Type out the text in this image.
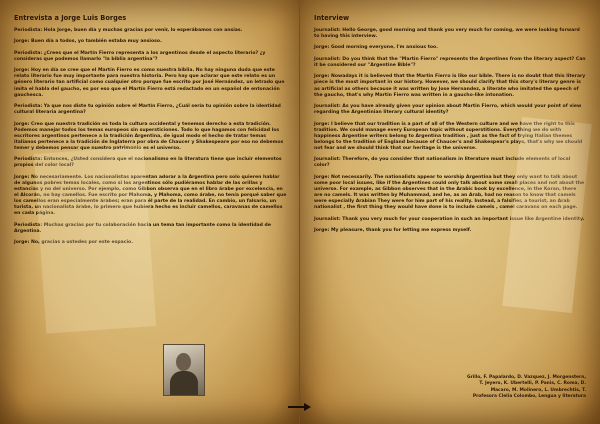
Entrevista a Jorge Luis Borges
Periodista: Hola Jorge, buen día y muchas gracias por venir, lo esperábamos con ansias.
Jorge: Buen día a todos, yo también estaba muy ansioso.
Periodista: ¿Crees que el Martín Fierro representa a los argentinos desde el aspecto literario? ¿y consideras que podemos llamarlo "la biblia argentina"?
Jorge: Hoy en día se cree que el Martín Fierro es como nuestra biblia. No hay ninguna duda que este relato literario fue muy importante para nuestra historia. Pero hay que aclarar que este relato es un género literario tan artificial como cualquier otro porque fue escrito por José Hernández, un letrado que imita el habla del gaucho, es por eso que el Martín Fierro está redactado en un español de entonación gauchesca.
Periodista: Ya que nos diste tu opinión sobre el Martín Fierro, ¿Cuál sería tu opinión sobre la identidad cultural literaria argentina?
Jorge: Creo que nuestra tradición es toda la cultura occidental y tenemos derecho a esta tradición. Podemos manejar todos los temas europeos sin supersticiones. Todo lo que hagamos con felicidad los escritores argentinos pertenece a la tradición Argentina, de igual modo el hecho de tratar temas italianos pertenece a la tradición de Inglaterra por obra de Chaucer y Shakespeare por eso no debemos temer y debemos pensar que nuestro patrimonio es el universo.
Periodista: Entonces, ¿Usted considera que el nacionalismo en la literatura tiene que incluir elementos propios del color local?
Jorge: No necesariamente. Los nacionalistas aparentan adorar a la Argentina pero solo quieren hablar de algunos pobres temas locales, como si los argentinos sólo pudiéramos hablar de las orillas y estancias y no del universo. Por ejemplo, como Gibbon observa que en el libro árabe por excelencia, en el Alcorán, no hay camellos. Fue escrito por Mahoma, y Mahoma, como árabe, no tenía porqué saber que los camellos eran especialmente árabes; eran para él parte de la realidad. En cambio, un falsario, un turista, un nacionalista árabe, lo primero que hubiera hecho es incluir camellos, caravanas de camellos en cada página.
Periodista: Muchas gracias por tu colaboración hacia un tema tan importante como la identidad de Argentina.
Jorge: No, gracias a ustedes por este espacio.
Interview
Journalist: Hello George, good morning and thank you very much for coming, we were looking forward to having this interview.
Jorge: Good morning everyone, I'm anxious too.
Journalist: Do you think that the "Martin Fierro" represents the Argentines from the literary aspect? Can it be considered our "Argentine Bible"?
Jorge: Nowadays it is believed that the Martin Fierro is like our bible. There is no doubt that this literary piece is the most important in our history. However, we should clarify that this story's literary genre is as artificial as others because it was written by Jose Hernandez, a literate who imitated the speech of the gaucho, that's why Martin Fierro was written in a gaucho-like intonation.
Journalist: As you have already given your opinion about Martin Fierro, which would your point of view regarding the Argentinian literary cultural identity?
Jorge: I believe that our tradition is a part of all of the Western culture and we have the right to this tradition. We could manage every European topic without superstitions. Everything we do with happiness Argentine writers belong to Argentina tradition , just as the fact of trying Italian themes belongs to the tradition of England because of Chaucer's and Shakespear's plays, that's why we should not fear and we should think that our heritage is the universe.
Journalist: Therefore, do you consider that nationalism in literature must include elements of local color?
Jorge: Not necessarily. The nationalists appear to worship Argentina but they only want to talk about some poor local issues, like if the Argentines could only talk about some small places and not about the universe. For example, as Gibbon observes that in the Arabic book by excellence, in the Koran, there are no camels. It was written by Muhammad, and he, as an Arab, had no reason to know that camels were especially Arabian They were for him part of his reality. Instead, a falsifier, a tourist, an Arab nationalist , the first thing they would have done is to include camels , camel caravans on each page.
Journalist: Thank you very much for your cooperation in such an important issue like Argentine identity.
Jorge: My pleasure, thank you for letting me express myself.
Grillo, F. Papalardo, D. Vazquez, J. Morgenstern,
T. Jeyero, K. Ubertelli, P. Panis, C. Roma, D.
Macaro, M. Molinero, L. Umbrechtis, T.
Profesora Clelia Colombo, Lengua y literatura
